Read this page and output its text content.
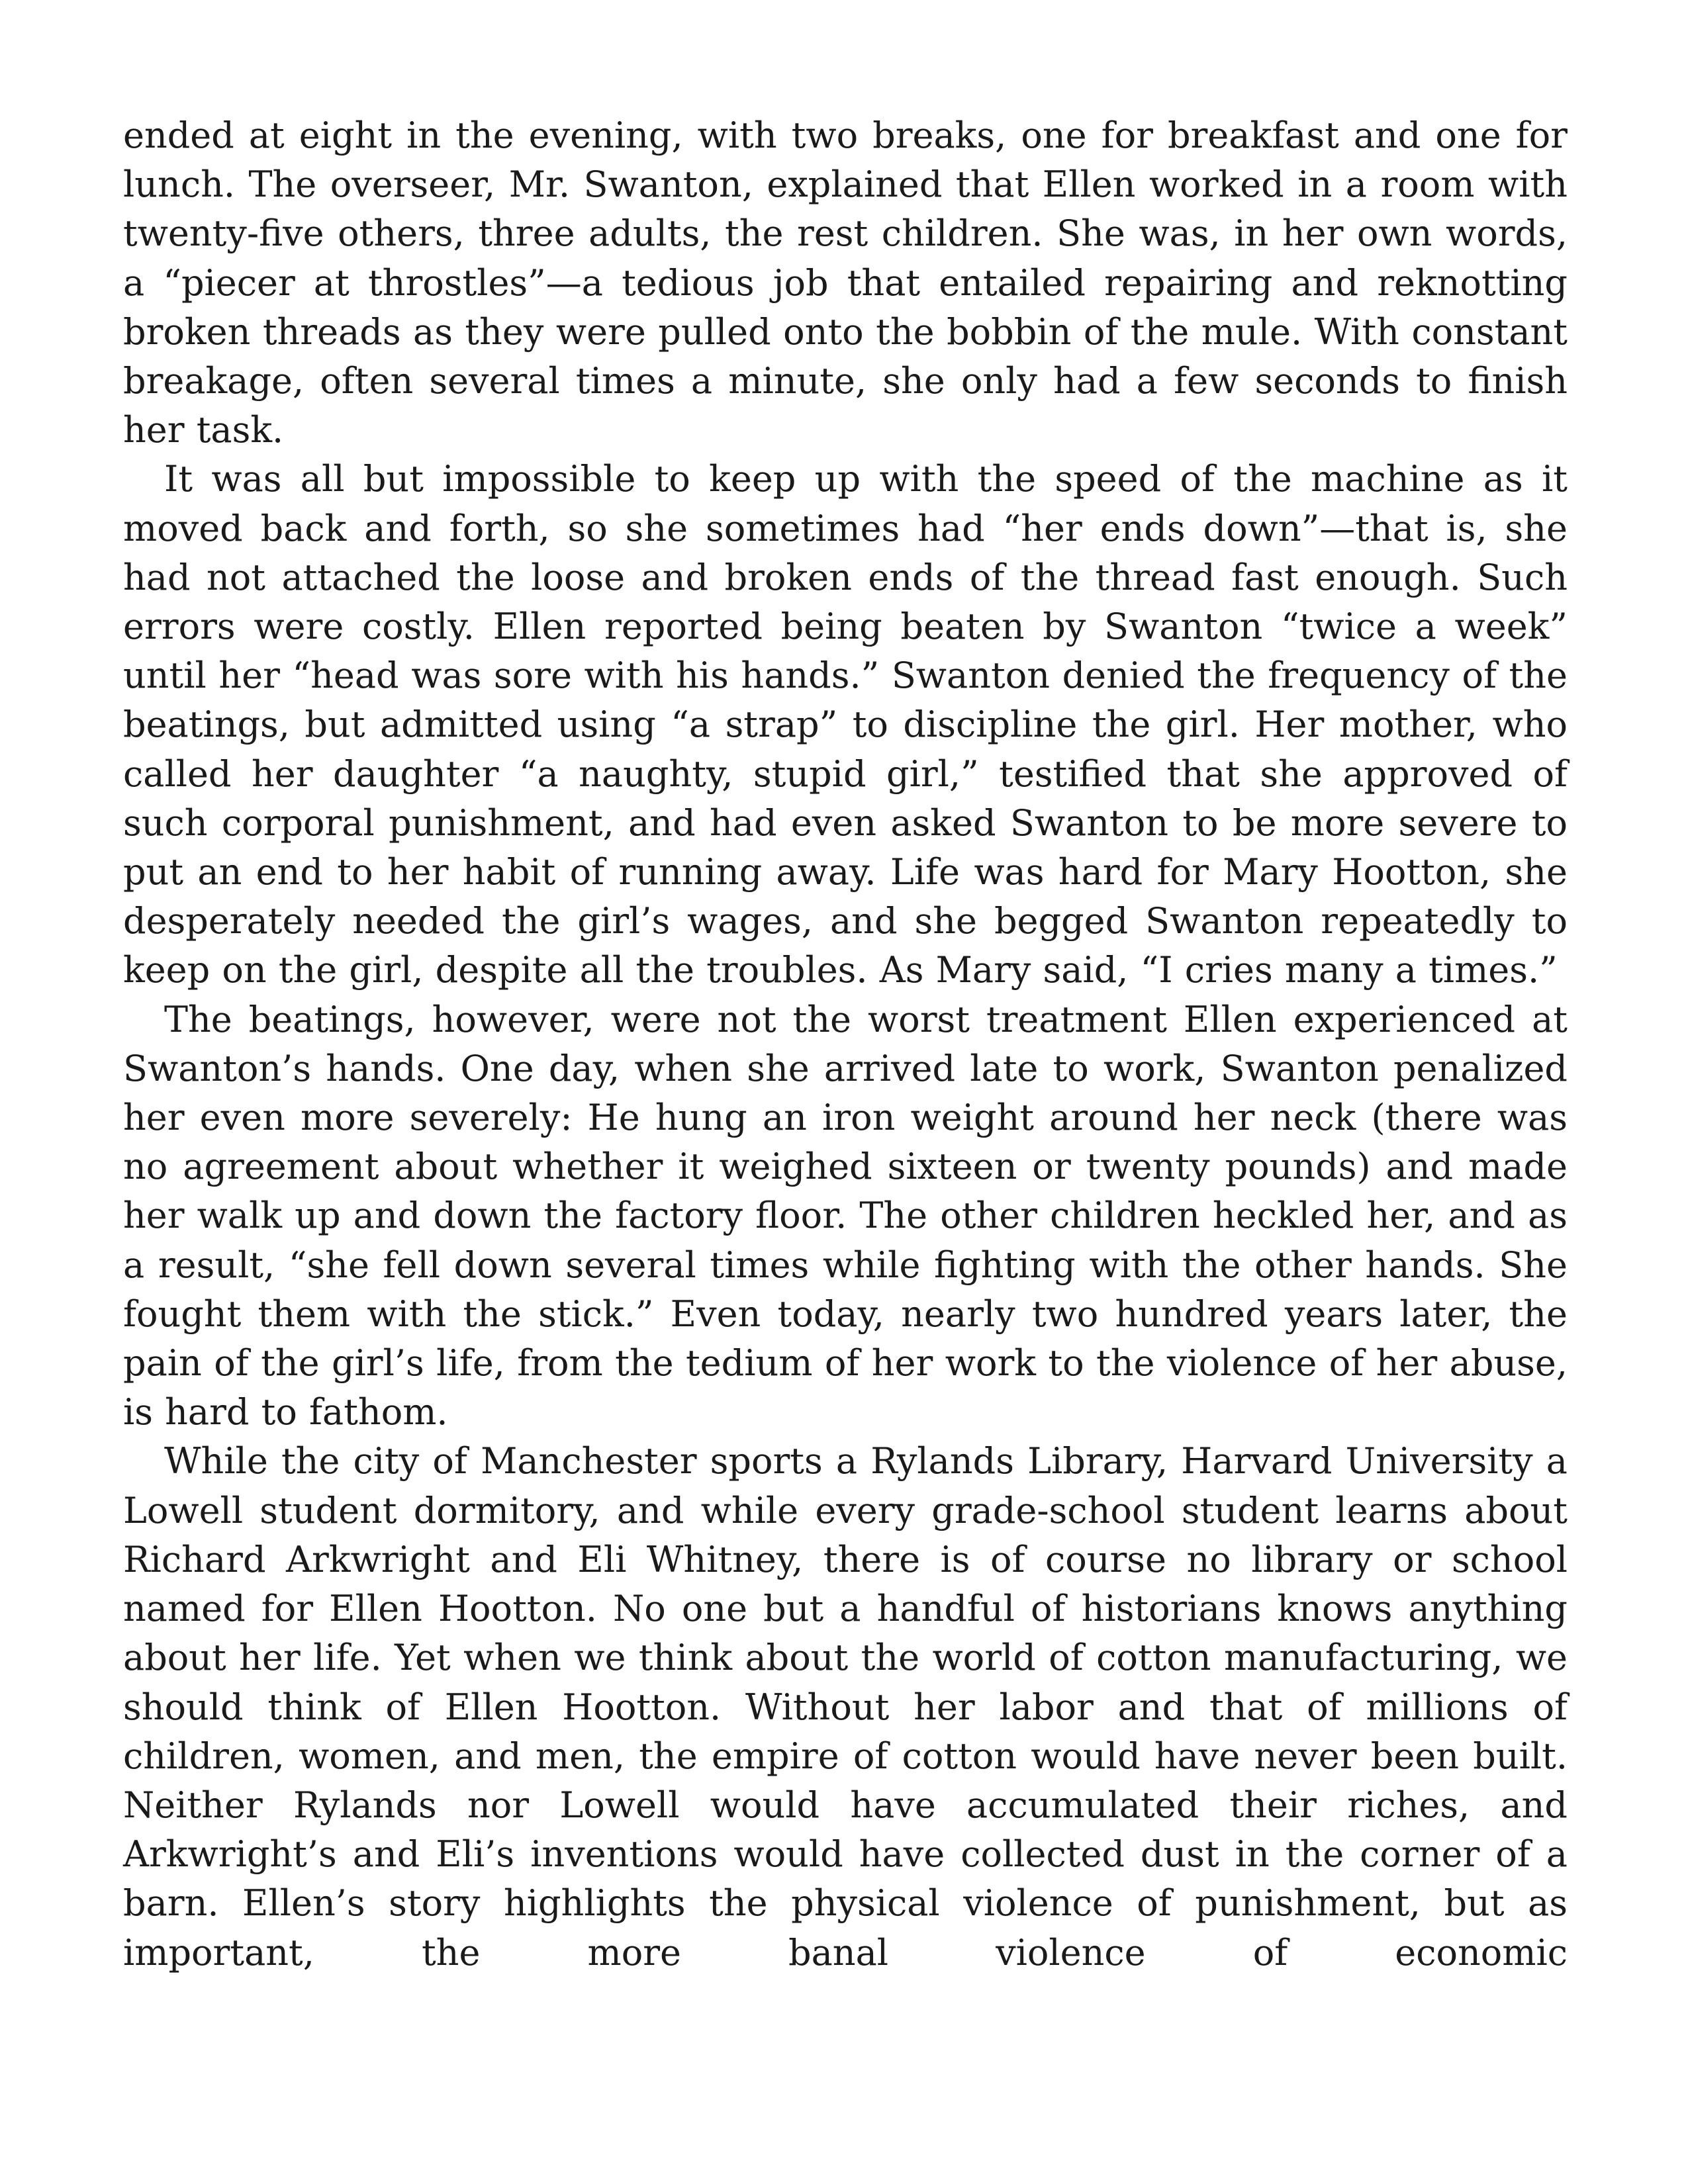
ended at eight in the evening, with two breaks, one for breakfast and one for lunch. The overseer, Mr. Swanton, explained that Ellen worked in a room with twenty-five others, three adults, the rest children. She was, in her own words, a “piecer at throstles”—a tedious job that entailed repairing and reknotting broken threads as they were pulled onto the bobbin of the mule. With constant breakage, often several times a minute, she only had a few seconds to finish her task.

It was all but impossible to keep up with the speed of the machine as it moved back and forth, so she sometimes had “her ends down”—that is, she had not attached the loose and broken ends of the thread fast enough. Such errors were costly. Ellen reported being beaten by Swanton “twice a week” until her “head was sore with his hands.” Swanton denied the frequency of the beatings, but admitted using “a strap” to discipline the girl. Her mother, who called her daughter “a naughty, stupid girl,” testified that she approved of such corporal punishment, and had even asked Swanton to be more severe to put an end to her habit of running away. Life was hard for Mary Hootton, she desperately needed the girl’s wages, and she begged Swanton repeatedly to keep on the girl, despite all the troubles. As Mary said, “I cries many a times.”

The beatings, however, were not the worst treatment Ellen experienced at Swanton’s hands. One day, when she arrived late to work, Swanton penalized her even more severely: He hung an iron weight around her neck (there was no agreement about whether it weighed sixteen or twenty pounds) and made her walk up and down the factory floor. The other children heckled her, and as a result, “she fell down several times while fighting with the other hands. She fought them with the stick.” Even today, nearly two hundred years later, the pain of the girl’s life, from the tedium of her work to the violence of her abuse, is hard to fathom.

While the city of Manchester sports a Rylands Library, Harvard University a Lowell student dormitory, and while every grade-school student learns about Richard Arkwright and Eli Whitney, there is of course no library or school named for Ellen Hootton. No one but a handful of historians knows anything about her life. Yet when we think about the world of cotton manufacturing, we should think of Ellen Hootton. Without her labor and that of millions of children, women, and men, the empire of cotton would have never been built. Neither Rylands nor Lowell would have accumulated their riches, and Arkwright’s and Eli’s inventions would have collected dust in the corner of a barn. Ellen’s story highlights the physical violence of punishment, but as important, the more banal violence of economic
